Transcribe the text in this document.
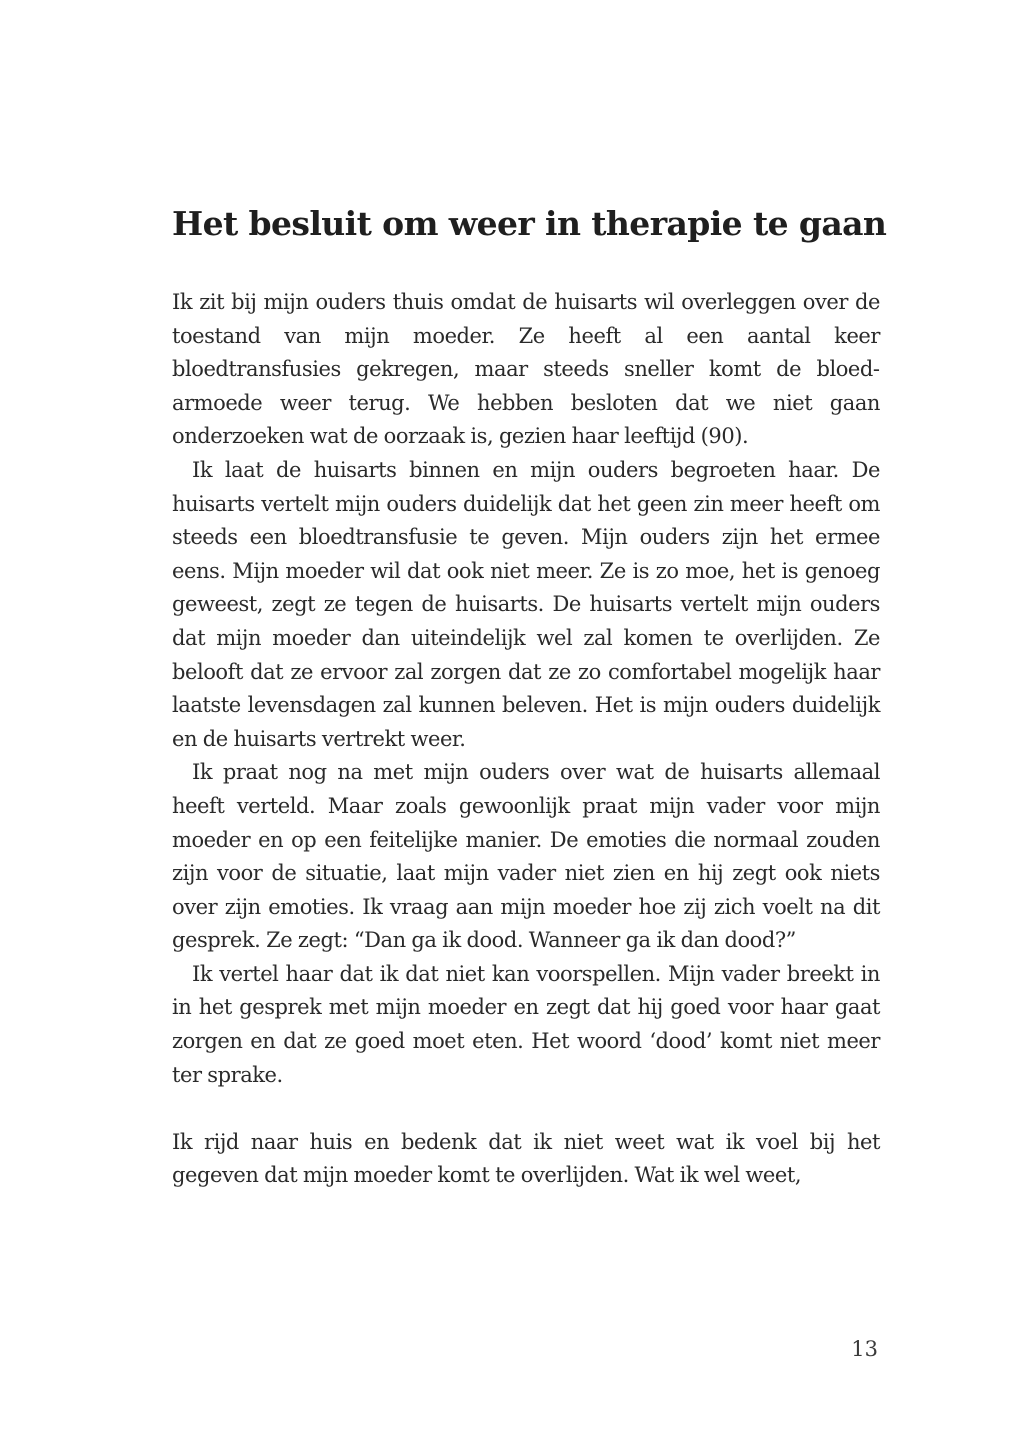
Het besluit om weer in therapie te gaan

Ik zit bij mijn ouders thuis omdat de huisarts wil overleggen over de toestand van mijn moeder. Ze heeft al een aantal keer bloedtransfusies gekregen, maar steeds sneller komt de bloedarmoede weer terug. We hebben besloten dat we niet gaan onderzoeken wat de oorzaak is, gezien haar leeftijd (90).

Ik laat de huisarts binnen en mijn ouders begroeten haar. De huisarts vertelt mijn ouders duidelijk dat het geen zin meer heeft om steeds een bloedtransfusie te geven. Mijn ouders zijn het ermee eens. Mijn moeder wil dat ook niet meer. Ze is zo moe, het is genoeg geweest, zegt ze tegen de huisarts. De huisarts vertelt mijn ouders dat mijn moeder dan uiteindelijk wel zal komen te overlijden. Ze belooft dat ze ervoor zal zorgen dat ze zo comfortabel mogelijk haar laatste levensdagen zal kunnen beleven. Het is mijn ouders duidelijk en de huisarts vertrekt weer.

Ik praat nog na met mijn ouders over wat de huisarts allemaal heeft verteld. Maar zoals gewoonlijk praat mijn vader voor mijn moeder en op een feitelijke manier. De emoties die normaal zouden zijn voor de situatie, laat mijn vader niet zien en hij zegt ook niets over zijn emoties. Ik vraag aan mijn moeder hoe zij zich voelt na dit gesprek. Ze zegt: “Dan ga ik dood. Wanneer ga ik dan dood?”

Ik vertel haar dat ik dat niet kan voorspellen. Mijn vader breekt in in het gesprek met mijn moeder en zegt dat hij goed voor haar gaat zorgen en dat ze goed moet eten. Het woord ‘dood’ komt niet meer ter sprake.

Ik rijd naar huis en bedenk dat ik niet weet wat ik voel bij het gegeven dat mijn moeder komt te overlijden. Wat ik wel weet,

13
